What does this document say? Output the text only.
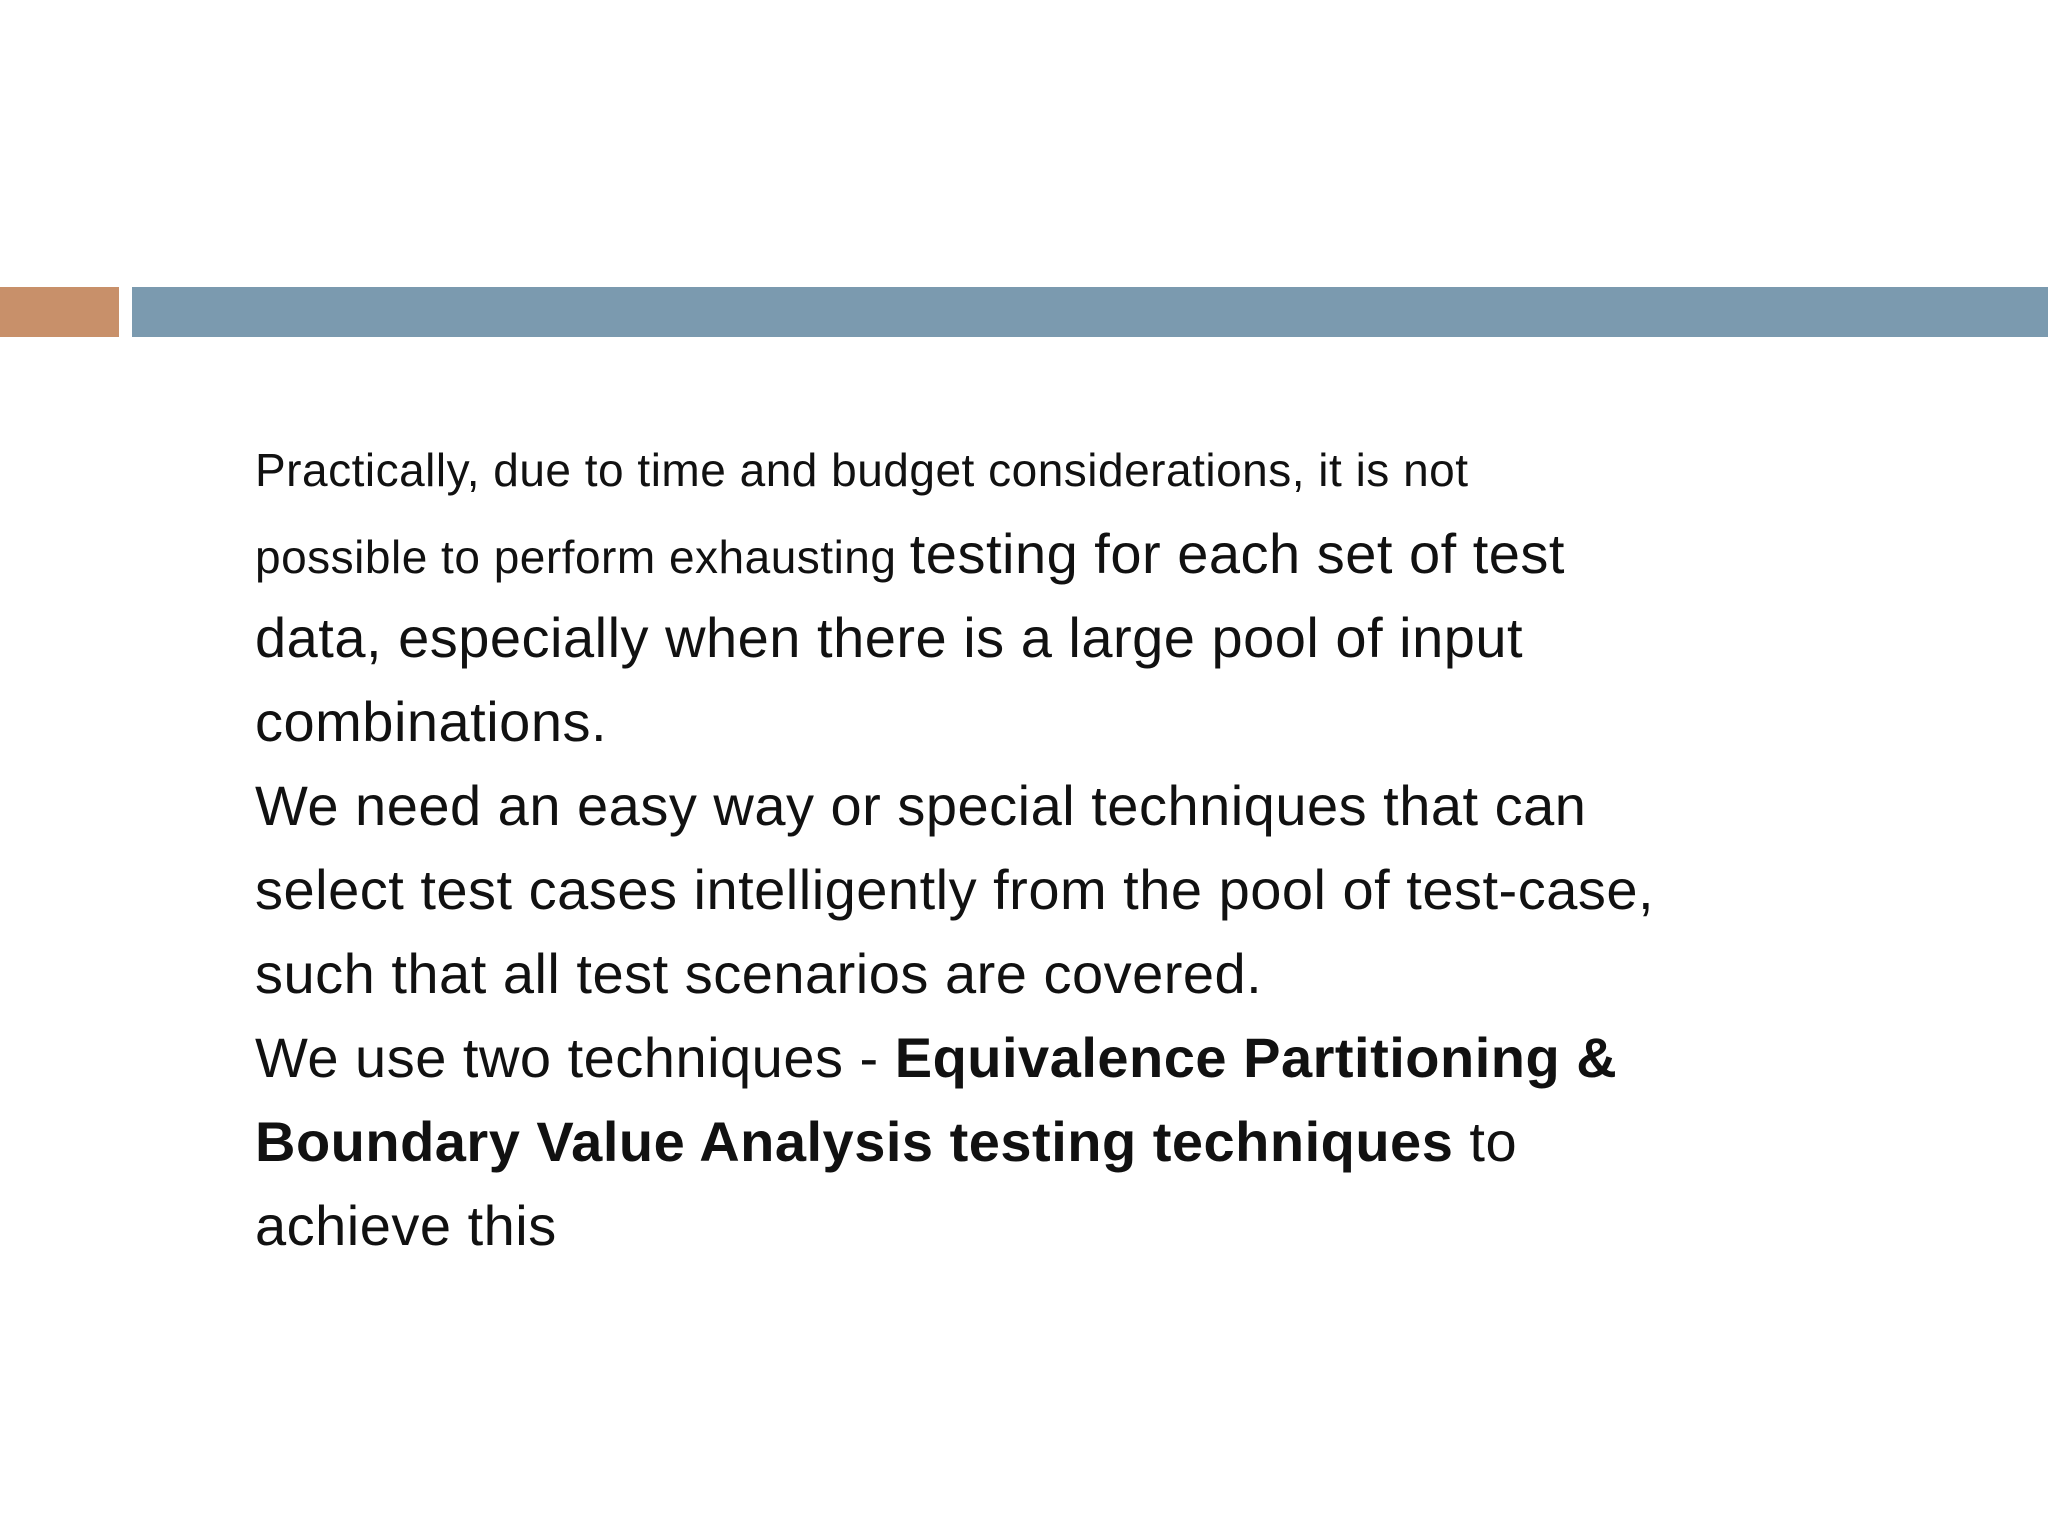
Practically, due to time and budget considerations, it is not
possible to perform exhausting testing for each set of test
data, especially when there is a large pool of input
combinations.
We need an easy way or special techniques that can
select test cases intelligently from the pool of test-case,
such that all test scenarios are covered.
We use two techniques - Equivalence Partitioning &
Boundary Value Analysis testing techniques to
achieve this
